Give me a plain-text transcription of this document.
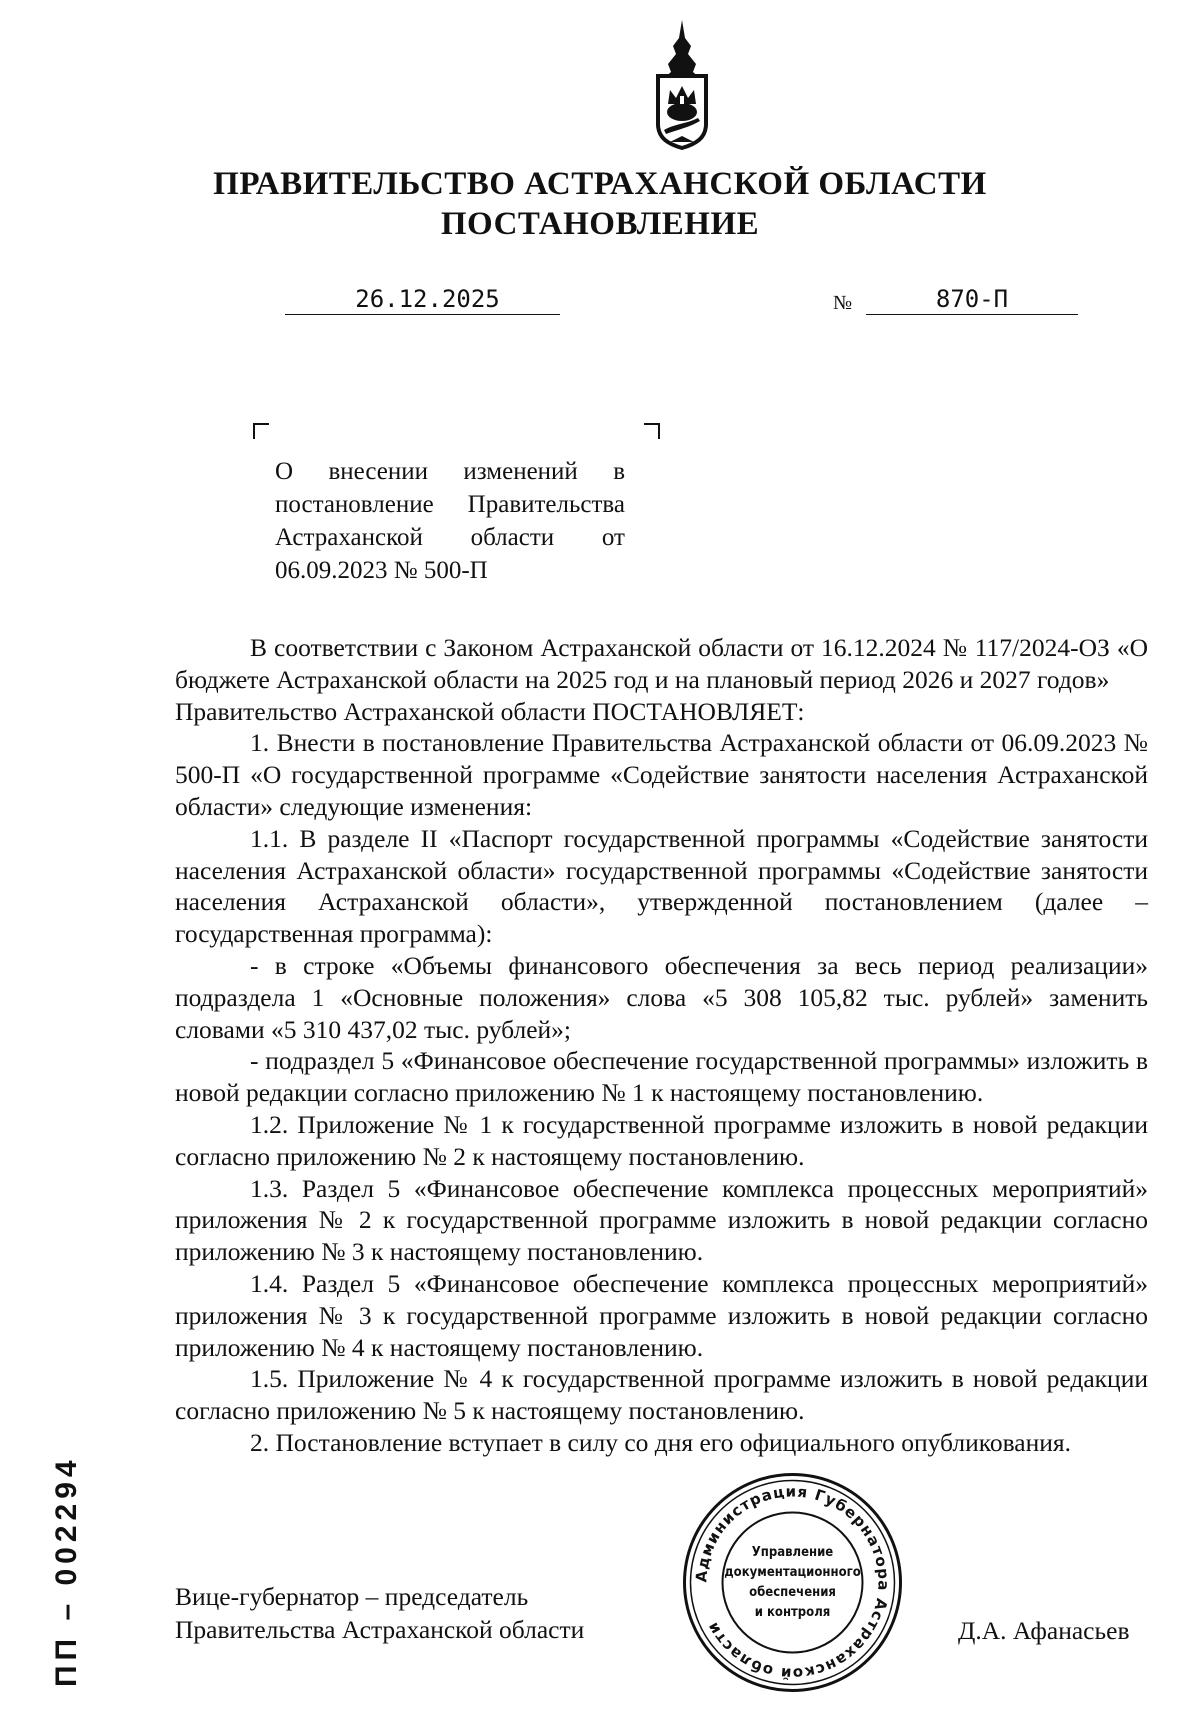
ПРАВИТЕЛЬСТВО АСТРАХАНСКОЙ ОБЛАСТИ
ПОСТАНОВЛЕНИЕ
26.12.2025	№	870-П
О внесении изменений в постановление Правительства Астраханской области от 06.09.2023 № 500-П

В соответствии с Законом Астраханской области от 16.12.2024 № 117/2024-ОЗ «О бюджете Астраханской области на 2025 год и на плановый период 2026 и 2027 годов»

Правительство Астраханской области ПОСТАНОВЛЯЕТ:

1. Внести в постановление Правительства Астраханской области от 06.09.2023 № 500-П «О государственной программе «Содействие занятости населения Астраханской области» следующие изменения:

1.1. В разделе II «Паспорт государственной программы «Содействие занятости населения Астраханской области» государственной программы «Содействие занятости населения Астраханской области», утвержденной постановлением (далее – государственная программа):

- в строке «Объемы финансового обеспечения за весь период реализации» подраздела 1 «Основные положения» слова «5 308 105,82 тыс. рублей» заменить словами «5 310 437,02 тыс. рублей»;

- подраздел 5 «Финансовое обеспечение государственной программы» изложить в новой редакции согласно приложению № 1 к настоящему постановлению.

1.2. Приложение № 1 к государственной программе изложить в новой редакции согласно приложению № 2 к настоящему постановлению.

1.3. Раздел 5 «Финансовое обеспечение комплекса процессных мероприятий» приложения № 2 к государственной программе изложить в новой редакции согласно приложению № 3 к настоящему постановлению.

1.4. Раздел 5 «Финансовое обеспечение комплекса процессных мероприятий» приложения № 3 к государственной программе изложить в новой редакции согласно приложению № 4 к настоящему постановлению.

1.5. Приложение № 4 к государственной программе изложить в новой редакции согласно приложению № 5 к настоящему постановлению.

2. Постановление вступает в силу со дня его официального опубликования.

Вице-губернатор – председатель
Правительства Астраханской области	Д.А. Афанасьев
Администрация Губернатора Астраханской области
Управление
документационного
обеспечения
и контроля
ПП – 002294
